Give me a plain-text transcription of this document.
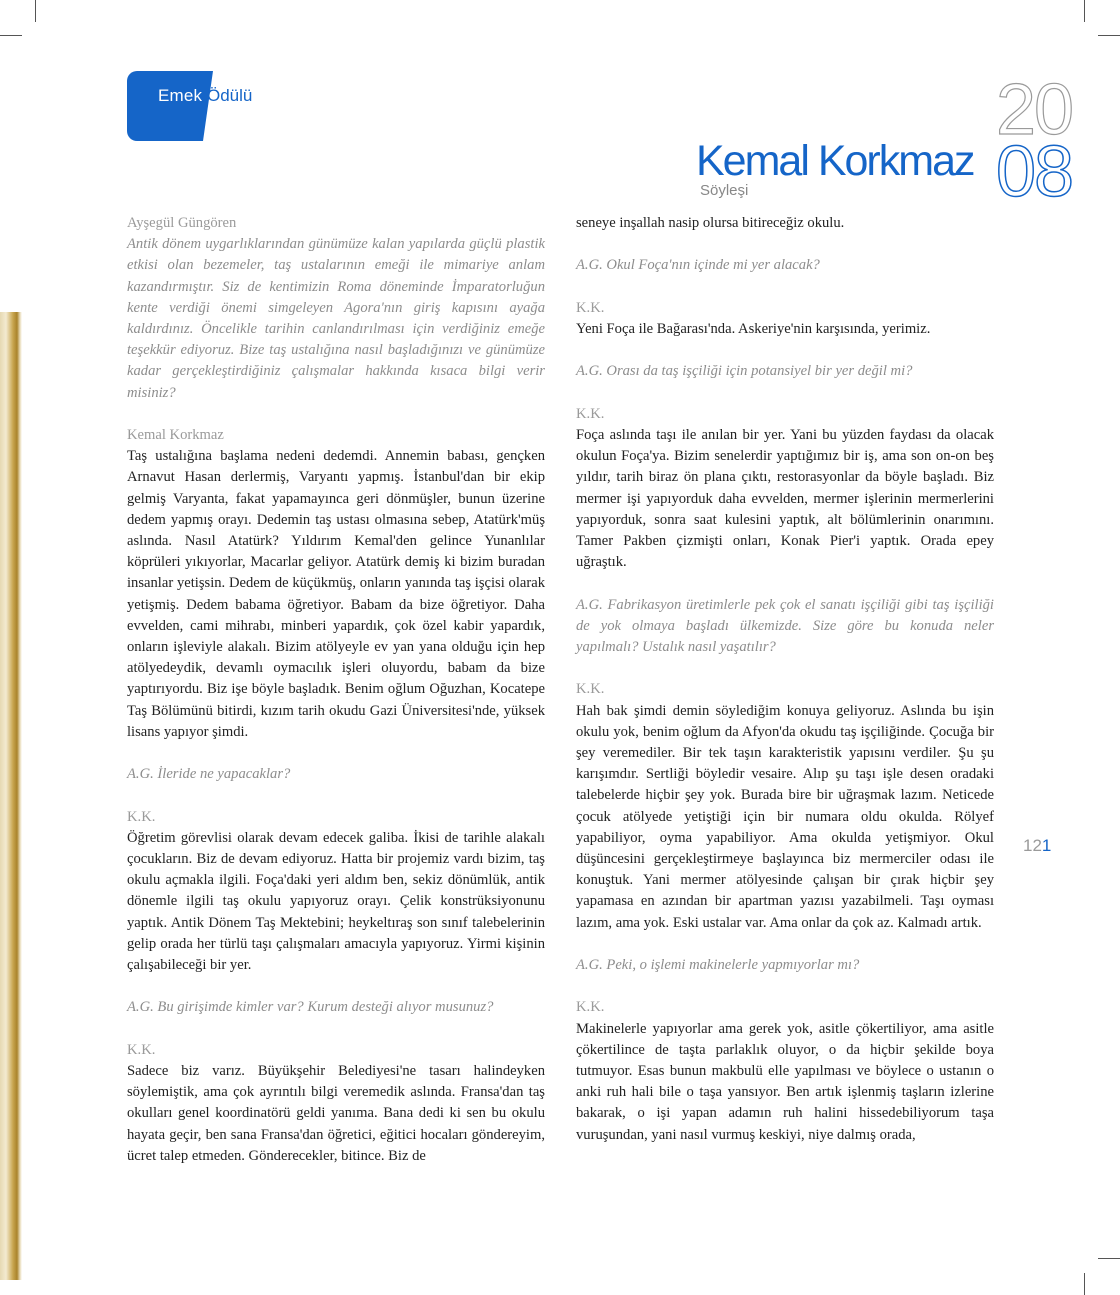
Emek Ödülü	20
Kemal Korkmaz 08
Söyleşi

Ayşegül Güngören
Antik dönem uygarlıklarından günümüze kalan yapılarda güçlü plastik etkisi olan bezemeler, taş ustalarının emeği ile mimariye anlam kazandırmıştır. Siz de kentimizin Roma döneminde İmparatorluğun kente verdiği önemi simgeleyen Agora'nın giriş kapısını ayağa kaldırdınız. Öncelikle tarihin canlandırılması için verdiğiniz emeğe teşekkür ediyoruz. Bize taş ustalığına nasıl başladığınızı ve günümüze kadar gerçekleştirdiğiniz çalışmalar hakkında kısaca bilgi verir misiniz?

Kemal Korkmaz
Taş ustalığına başlama nedeni dedemdi. Annemin babası, gençken Arnavut Hasan derlermiş, Varyantı yapmış. İstanbul'dan bir ekip gelmiş Varyanta, fakat yapamayınca geri dönmüşler, bunun üzerine dedem yapmış orayı. Dedemin taş ustası olmasına sebep, Atatürk'müş aslında. Nasıl Atatürk? Yıldırım Kemal'den gelince Yunanlılar köprüleri yıkıyorlar, Macarlar geliyor. Atatürk demiş ki bizim buradan insanlar yetişsin. Dedem de küçükmüş, onların yanında taş işçisi olarak yetişmiş. Dedem babama öğretiyor. Babam da bize öğretiyor. Daha evvelden, cami mihrabı, minberi yapardık, çok özel kabir yapardık, onların işleviyle alakalı. Bizim atölyeyle ev yan yana olduğu için hep atölyedeydik, devamlı oymacılık işleri oluyordu, babam da bize yaptırıyordu. Biz işe böyle başladık. Benim oğlum Oğuzhan, Kocatepe Taş Bölümünü bitirdi, kızım tarih okudu Gazi Üniversitesi'nde, yüksek lisans yapıyor şimdi.

A.G. İleride ne yapacaklar?

K.K.
Öğretim görevlisi olarak devam edecek galiba. İkisi de tarihle alakalı çocukların. Biz de devam ediyoruz. Hatta bir projemiz vardı bizim, taş okulu açmakla ilgili. Foça'daki yeri aldım ben, sekiz dönümlük, antik dönemle ilgili taş okulu yapıyoruz orayı. Çelik konstrüksiyonunu yaptık. Antik Dönem Taş Mektebini; heykeltıraş son sınıf talebelerinin gelip orada her türlü taşı çalışmaları amacıyla yapıyoruz. Yirmi kişinin çalışabileceği bir yer.

A.G. Bu girişimde kimler var? Kurum desteği alıyor musunuz?

K.K.
Sadece biz varız. Büyükşehir Belediyesi'ne tasarı halindeyken söylemiştik, ama çok ayrıntılı bilgi veremedik aslında. Fransa'dan taş okulları genel koordinatörü geldi yanıma. Bana dedi ki sen bu okulu hayata geçir, ben sana Fransa'dan öğretici, eğitici hocaları göndereyim, ücret talep etmeden. Gönderecekler, bitince. Biz de

seneye inşallah nasip olursa bitireceğiz okulu.

A.G. Okul Foça'nın içinde mi yer alacak?

K.K.
Yeni Foça ile Bağarası'nda. Askeriye'nin karşısında, yerimiz.

A.G. Orası da taş işçiliği için potansiyel bir yer değil mi?

K.K.
Foça aslında taşı ile anılan bir yer. Yani bu yüzden faydası da olacak okulun Foça'ya. Bizim senelerdir yaptığımız bir iş, ama son on-on beş yıldır, tarih biraz ön plana çıktı, restorasyonlar da böyle başladı. Biz mermer işi yapıyorduk daha evvelden, mermer işlerinin mermerlerini yapıyorduk, sonra saat kulesini yaptık, alt bölümlerinin onarımını. Tamer Pakben çizmişti onları, Konak Pier'i yaptık. Orada epey uğraştık.

A.G. Fabrikasyon üretimlerle pek çok el sanatı işçiliği gibi taş işçiliği de yok olmaya başladı ülkemizde. Size göre bu konuda neler yapılmalı? Ustalık nasıl yaşatılır?

K.K.
Hah bak şimdi demin söylediğim konuya geliyoruz. Aslında bu işin okulu yok, benim oğlum da Afyon'da okudu taş işçiliğinde. Çocuğa bir şey veremediler. Bir tek taşın karakteristik yapısını verdiler. Şu şu karışımdır. Sertliği böyledir vesaire. Alıp şu taşı işle desen oradaki talebelerde hiçbir şey yok. Burada bire bir uğraşmak lazım. Neticede çocuk atölyede yetiştiği için bir numara oldu okulda. Rölyef yapabiliyor, oyma yapabiliyor. Ama okulda yetişmiyor. Okul düşüncesini gerçekleştirmeye başlayınca biz mermerciler odası ile konuştuk. Yani mermer atölyesinde çalışan bir çırak hiçbir şey yapamasa en azından bir apartman yazısı yazabilmeli. Taşı oyması lazım, ama yok. Eski ustalar var. Ama onlar da çok az. Kalmadı artık.

A.G. Peki, o işlemi makinelerle yapmıyorlar mı?

K.K.
Makinelerle yapıyorlar ama gerek yok, asitle çökertiliyor, ama asitle çökertilince de taşta parlaklık oluyor, o da hiçbir şekilde boya tutmuyor. Esas bunun makbulü elle yapılması ve böylece o ustanın o anki ruh hali bile o taşa yansıyor. Ben artık işlenmiş taşların izlerine bakarak, o işi yapan adamın ruh halini hissedebiliyorum taşa vuruşundan, yani nasıl vurmuş keskiyi, niye dalmış orada,

121
